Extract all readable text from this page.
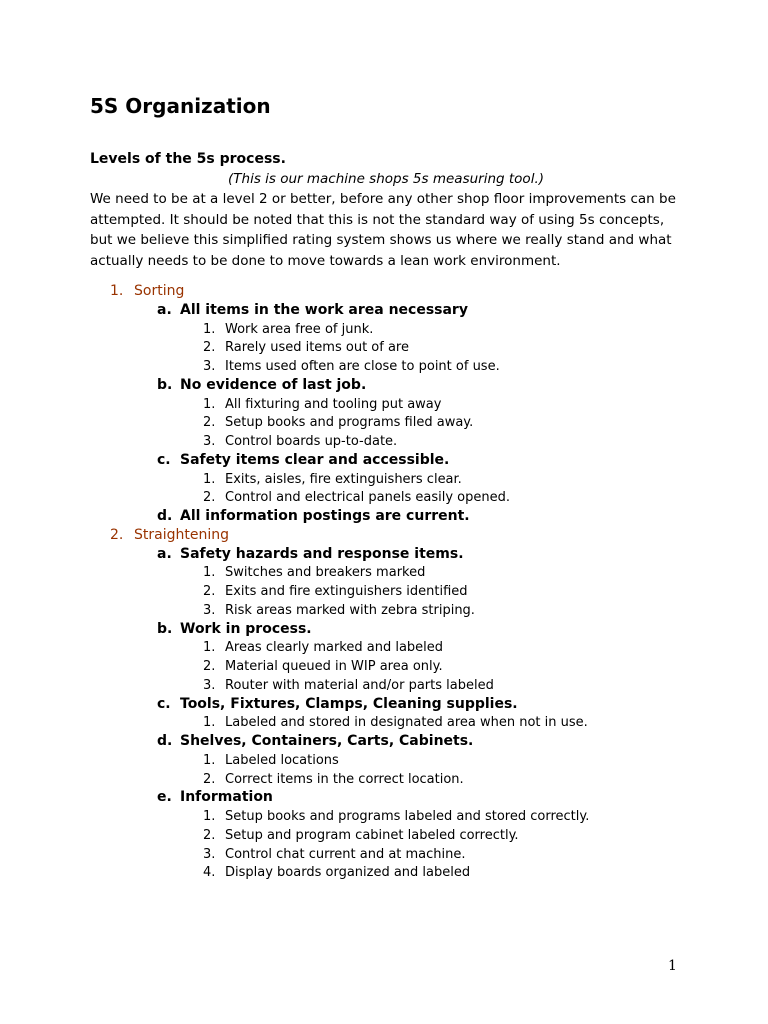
5S Organization
Levels of the 5s process.

(This is our machine shops 5s measuring tool.)

We need to be at a level 2 or better, before any other shop floor improvements can be attempted. It should be noted that this is not the standard way of using 5s concepts, but we believe this simplified rating system shows us where we really stand and what actually needs to be done to move towards a lean work environment.

1. Sorting
a. All items in the work area necessary
1. Work area free of junk.
2. Rarely used items out of are
3. Items used often are close to point of use.
b. No evidence of last job.
1. All fixturing and tooling put away
2. Setup books and programs filed away.
3. Control boards up-to-date.
c. Safety items clear and accessible.
1. Exits, aisles, fire extinguishers clear.
2. Control and electrical panels easily opened.
d. All information postings are current.
2. Straightening
a. Safety hazards and response items.
1. Switches and breakers marked
2. Exits and fire extinguishers identified
3. Risk areas marked with zebra striping.
b. Work in process.
1. Areas clearly marked and labeled
2. Material queued in WIP area only.
3. Router with material and/or parts labeled
c. Tools, Fixtures, Clamps, Cleaning supplies.
1. Labeled and stored in designated area when not in use.
d. Shelves, Containers, Carts, Cabinets.
1. Labeled locations
2. Correct items in the correct location.
e. Information
1. Setup books and programs labeled and stored correctly.
2. Setup and program cabinet labeled correctly.
3. Control chat current and at machine.
4. Display boards organized and labeled

1
